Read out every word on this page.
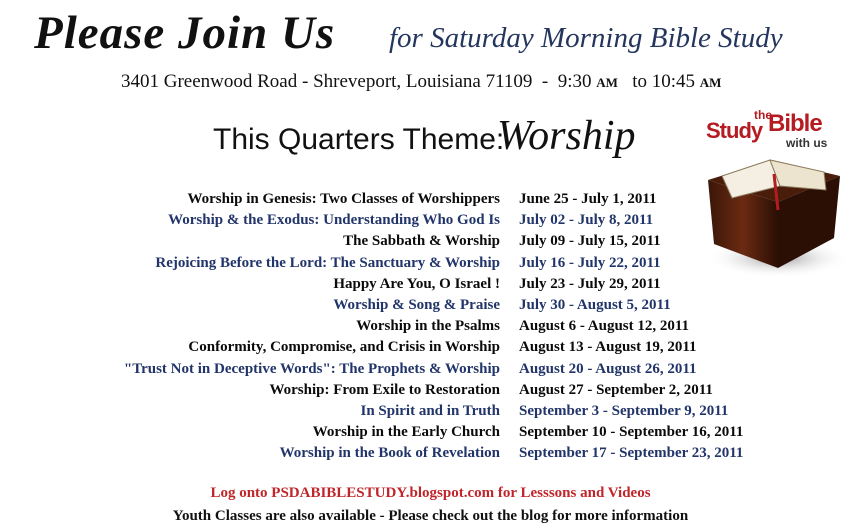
Please Join Us for Saturday Morning Bible Study
3401 Greenwood Road - Shreveport, Louisiana 71109  -  9:30 AM to 10:45 AM
This Quarters Theme:
Worship	Study
the
Bible
with us
Worship in Genesis: Two Classes of Worshippers June 25 - July 1, 2011
Worship & the Exodus: Understanding Who God Is July 02 - July 8, 2011
The Sabbath & Worship July 09 - July 15, 2011
Rejoicing Before the Lord: The Sanctuary & Worship July 16 - July 22, 2011
Happy Are You, O Israel ! July 23 - July 29, 2011
Worship & Song & Praise July 30 - August 5, 2011
Worship in the Psalms August 6 - August 12, 2011
Conformity, Compromise, and Crisis in Worship August 13 - August 19, 2011
"Trust Not in Deceptive Words": The Prophets & Worship August 20 - August 26, 2011
Worship: From Exile to Restoration August 27 - September 2, 2011
In Spirit and in Truth September 3 - September 9, 2011
Worship in the Early Church September 10 - September 16, 2011
Worship in the Book of Revelation September 17 - September 23, 2011
Log onto PSDABIBLESTUDY.blogspot.com for Lesssons and Videos
Youth Classes are also available - Please check out the blog for more information
